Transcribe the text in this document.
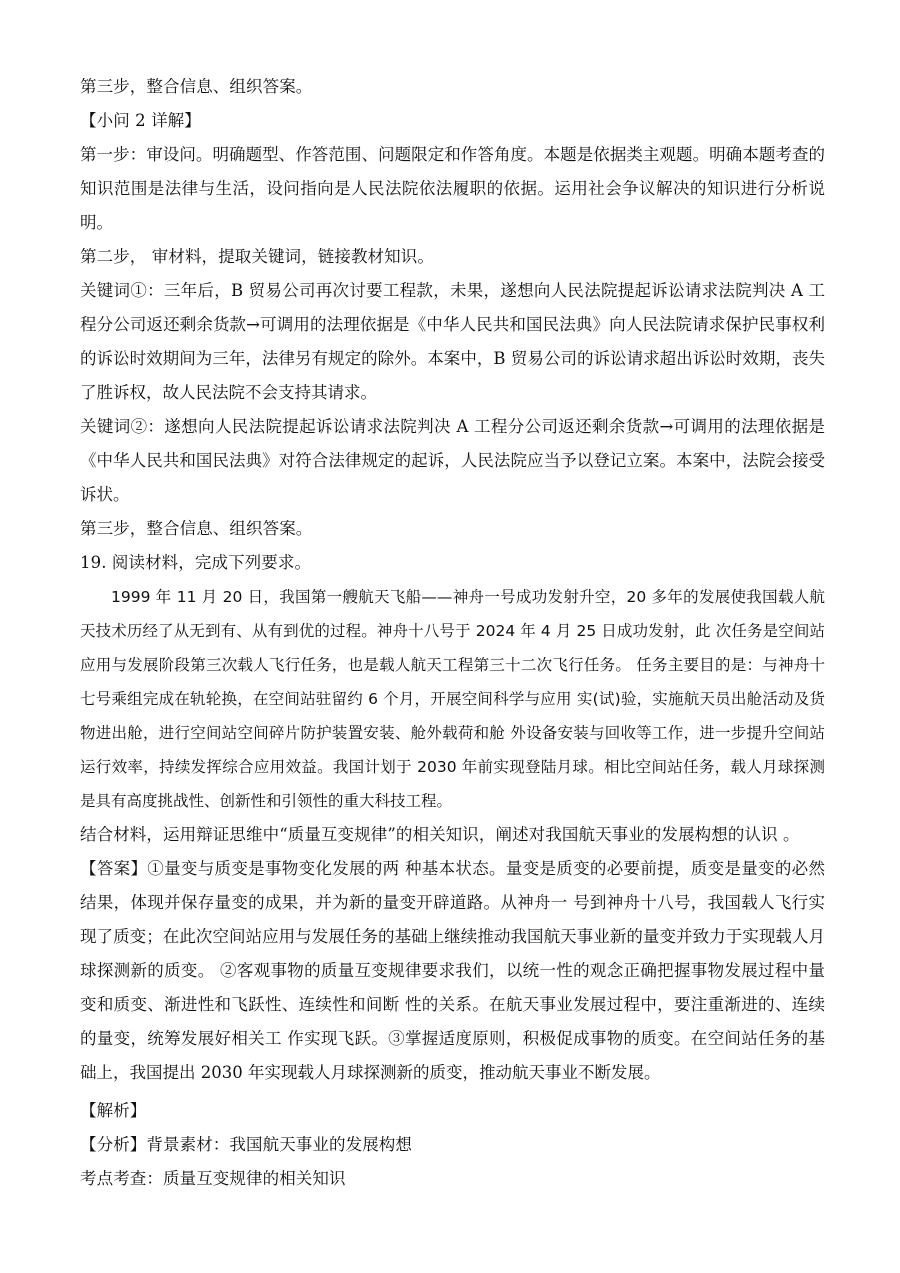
第三步，整合信息、组织答案。
【小问 2 详解】

第一步：审设问。明确题型、作答范围、问题限定和作答角度。本题是依据类主观题。明确本题考查的知识范围是法律与生活，设问指向是人民法院依法履职的依据。运用社会争议解决的知识进行分析说明。

第二步， 审材料，提取关键词，链接教材知识。

关键词①：三年后，B 贸易公司再次讨要工程款，未果，遂想向人民法院提起诉讼请求法院判决 A 工程分公司返还剩余货款→可调用的法理依据是《中华人民共和国民法典》向人民法院请求保护民事权利的诉讼时效期间为三年，法律另有规定的除外。本案中，B 贸易公司的诉讼请求超出诉讼时效期，丧失了胜诉权，故人民法院不会支持其请求。

关键词②：遂想向人民法院提起诉讼请求法院判决 A 工程分公司返还剩余货款→可调用的法理依据是《中华人民共和国民法典》对符合法律规定的起诉，人民法院应当予以登记立案。本案中，法院会接受诉状。

第三步，整合信息、组织答案。
19. 阅读材料，完成下列要求。

1999 年 11 月 20 日，我国第一艘航天飞船——神舟一号成功发射升空，20 多年的发展使我国载人航天技术历经了从无到有、从有到优的过程。神舟十八号于 2024 年 4 月 25 日成功发射，此 次任务是空间站应用与发展阶段第三次载人飞行任务，也是载人航天工程第三十二次飞行任务。 任务主要目的是：与神舟十七号乘组完成在轨轮换，在空间站驻留约 6 个月，开展空间科学与应用 实(试)验，实施航天员出舱活动及货物进出舱，进行空间站空间碎片防护装置安装、舱外载荷和舱 外设备安装与回收等工作，进一步提升空间站运行效率，持续发挥综合应用效益。我国计划于 2030 年前实现登陆月球。相比空间站任务，载人月球探测是具有高度挑战性、创新性和引领性的重大科技工程。

结合材料，运用辩证思维中“质量互变规律”的相关知识，阐述对我国航天事业的发展构想的认识 。

【答案】①量变与质变是事物变化发展的两 种基本状态。量变是质变的必要前提，质变是量变的必然结果，体现并保存量变的成果，并为新的量变开辟道路。从神舟一 号到神舟十八号，我国载人飞行实现了质变；在此次空间站应用与发展任务的基础上继续推动我国航天事业新的量变并致力于实现载人月球探测新的质变。 ②客观事物的质量互变规律要求我们，以统一性的观念正确把握事物发展过程中量变和质变、渐进性和飞跃性、连续性和间断 性的关系。在航天事业发展过程中，要注重渐进的、连续的量变，统筹发展好相关工 作实现飞跃。③掌握适度原则，积极促成事物的质变。在空间站任务的基础上，我国提出 2030 年实现载人月球探测新的质变，推动航天事业不断发展。

【解析】
【分析】背景素材：我国航天事业的发展构想
考点考查：质量互变规律的相关知识
